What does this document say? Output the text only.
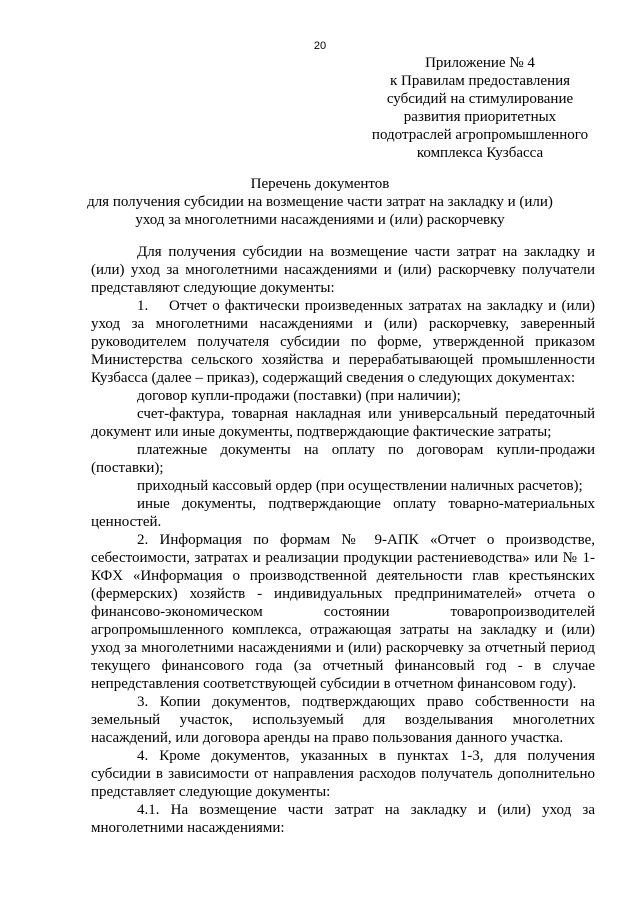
20
Приложение № 4
к Правилам предоставления
субсидий на стимулирование
развития приоритетных
подотраслей агропромышленного
комплекса Кузбасса
Перечень документов
для получения субсидии на возмещение части затрат на закладку и (или)
уход за многолетними насаждениями и (или) раскорчевку

Для получения субсидии на возмещение части затрат на закладку и (или) уход за многолетними насаждениями и (или) раскорчевку получатели представляют следующие документы:

1.    Отчет о фактически произведенных затратах на закладку и (или) уход за многолетними насаждениями и (или) раскорчевку, заверенный руководителем получателя субсидии по форме, утвержденной приказом Министерства сельского хозяйства и перерабатывающей промышленности Кузбасса (далее – приказ), содержащий сведения о следующих документах:

договор купли-продажи (поставки) (при наличии);

счет-фактура, товарная накладная или универсальный передаточный документ или иные документы, подтверждающие фактические затраты;

платежные документы на оплату по договорам купли-продажи (поставки);

приходный кассовый ордер (при осуществлении наличных расчетов);

иные документы, подтверждающие оплату товарно-материальных ценностей.

2. Информация по формам № 9-АПК «Отчет о производстве, себестоимости, затратах и реализации продукции растениеводства» или № 1-КФХ «Информация о производственной деятельности глав крестьянских (фермерских) хозяйств - индивидуальных предпринимателей» отчета о финансово-экономическом состоянии товаропроизводителей агропромышленного комплекса, отражающая затраты на закладку и (или) уход за многолетними насаждениями и (или) раскорчевку за отчетный период текущего финансового года (за отчетный финансовый год - в случае непредставления соответствующей субсидии в отчетном финансовом году).

3. Копии документов, подтверждающих право собственности на земельный участок, используемый для возделывания многолетних насаждений, или договора аренды на право пользования данного участка.

4. Кроме документов, указанных в пунктах 1-3, для получения субсидии в зависимости от направления расходов получатель дополнительно представляет следующие документы:

4.1. На возмещение части затрат на закладку и (или) уход за многолетними насаждениями:
